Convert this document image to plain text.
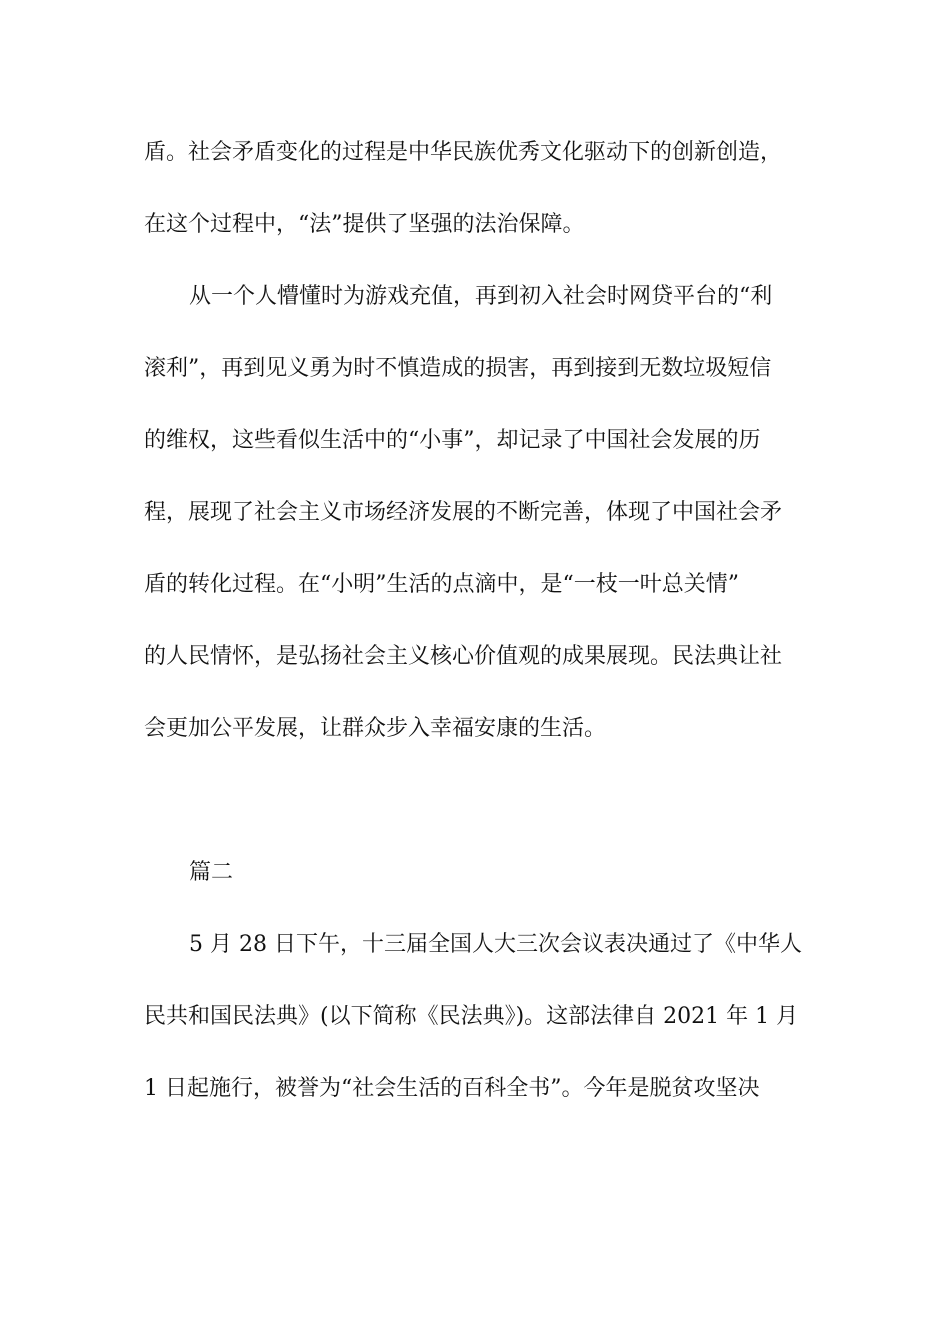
盾。社会矛盾变化的过程是中华民族优秀文化驱动下的创新创造，
在这个过程中，“法”提供了坚强的法治保障。
从一个人懵懂时为游戏充值，再到初入社会时网贷平台的“利
滚利”，再到见义勇为时不慎造成的损害，再到接到无数垃圾短信
的维权，这些看似生活中的“小事”，却记录了中国社会发展的历
程，展现了社会主义市场经济发展的不断完善，体现了中国社会矛
盾的转化过程。在“小明”生活的点滴中，是“一枝一叶总关情”
的人民情怀，是弘扬社会主义核心价值观的成果展现。民法典让社
会更加公平发展，让群众步入幸福安康的生活。
篇二
5 月 28 日下午，十三届全国人大三次会议表决通过了《中华人
民共和国民法典》(以下简称《民法典》)。这部法律自 2021 年 1 月
1 日起施行，被誉为“社会生活的百科全书”。今年是脱贫攻坚决
